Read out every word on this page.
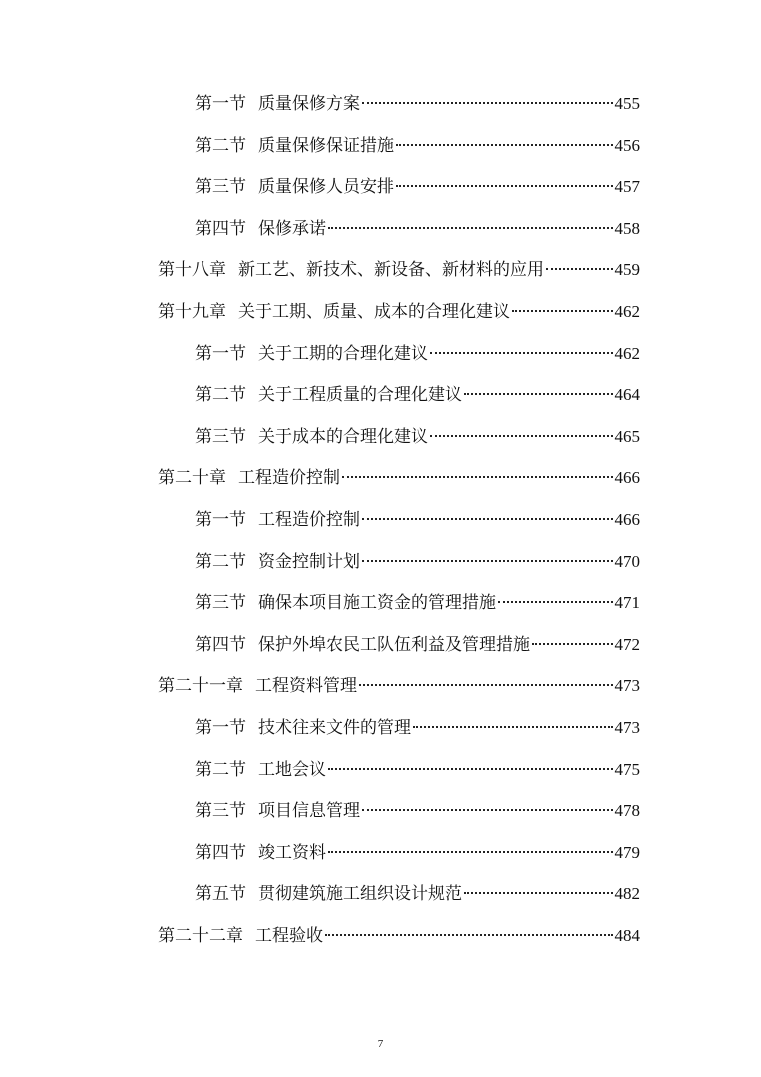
第一节 质量保修方案	455
第二节 质量保修保证措施	456
第三节 质量保修人员安排	457
第四节 保修承诺	458
第十八章 新工艺、新技术、新设备、新材料的应用	459
第十九章 关于工期、质量、成本的合理化建议	462
第一节 关于工期的合理化建议	462
第二节 关于工程质量的合理化建议	464
第三节 关于成本的合理化建议	465
第二十章 工程造价控制	466
第一节 工程造价控制	466
第二节 资金控制计划	470
第三节 确保本项目施工资金的管理措施	471
第四节 保护外埠农民工队伍利益及管理措施	472
第二十一章 工程资料管理	473
第一节 技术往来文件的管理	473
第二节 工地会议	475
第三节 项目信息管理	478
第四节 竣工资料	479
第五节 贯彻建筑施工组织设计规范	482
第二十二章 工程验收	484
7
